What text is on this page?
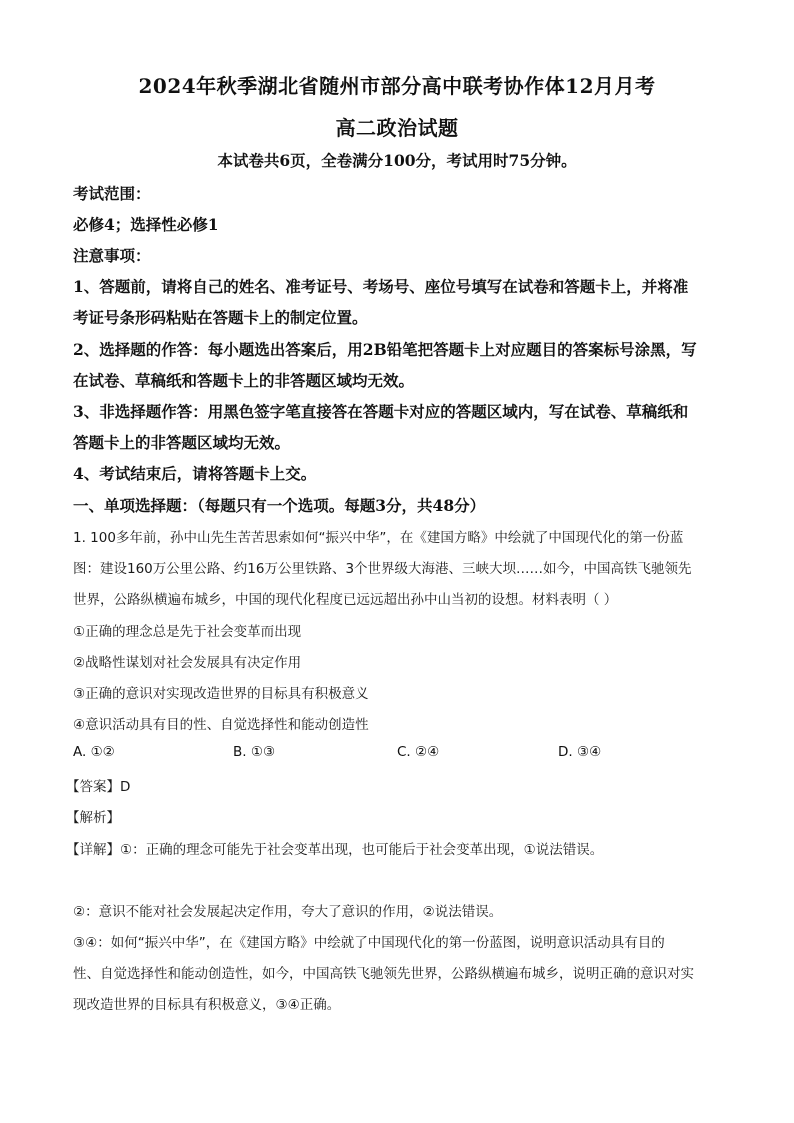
2024年秋季湖北省随州市部分高中联考协作体12月月考
高二政治试题
本试卷共6页，全卷满分100分，考试用时75分钟。
考试范围：
必修4；选择性必修1
注意事项：
1、答题前，请将自己的姓名、准考证号、考场号、座位号填写在试卷和答题卡上，并将准
考证号条形码粘贴在答题卡上的制定位置。
2、选择题的作答：每小题选出答案后，用2B铅笔把答题卡上对应题目的答案标号涂黑，写
在试卷、草稿纸和答题卡上的非答题区域均无效。
3、非选择题作答：用黑色签字笔直接答在答题卡对应的答题区域内，写在试卷、草稿纸和
答题卡上的非答题区域均无效。
4、考试结束后，请将答题卡上交。
一、单项选择题：（每题只有一个选项。每题3分，共48分）
1. 100多年前，孙中山先生苦苦思索如何“振兴中华”，在《建国方略》中绘就了中国现代化的第一份蓝
图：建设160万公里公路、约16万公里铁路、3个世界级大海港、三峡大坝……如今，中国高铁飞驰领先
世界，公路纵横遍布城乡，中国的现代化程度已远远超出孙中山当初的设想。材料表明（ ）
①正确的理念总是先于社会变革而出现
②战略性谋划对社会发展具有决定作用
③正确的意识对实现改造世界的目标具有积极意义
④意识活动具有目的性、自觉选择性和能动创造性
A. ①②	B. ①③	C. ②④	D. ③④
【答案】D
【解析】
【详解】①：正确的理念可能先于社会变革出现，也可能后于社会变革出现，①说法错误。
②：意识不能对社会发展起决定作用，夸大了意识的作用，②说法错误。
③④：如何“振兴中华”，在《建国方略》中绘就了中国现代化的第一份蓝图，说明意识活动具有目的
性、自觉选择性和能动创造性，如今，中国高铁飞驰领先世界，公路纵横遍布城乡，说明正确的意识对实
现改造世界的目标具有积极意义，③④正确。
